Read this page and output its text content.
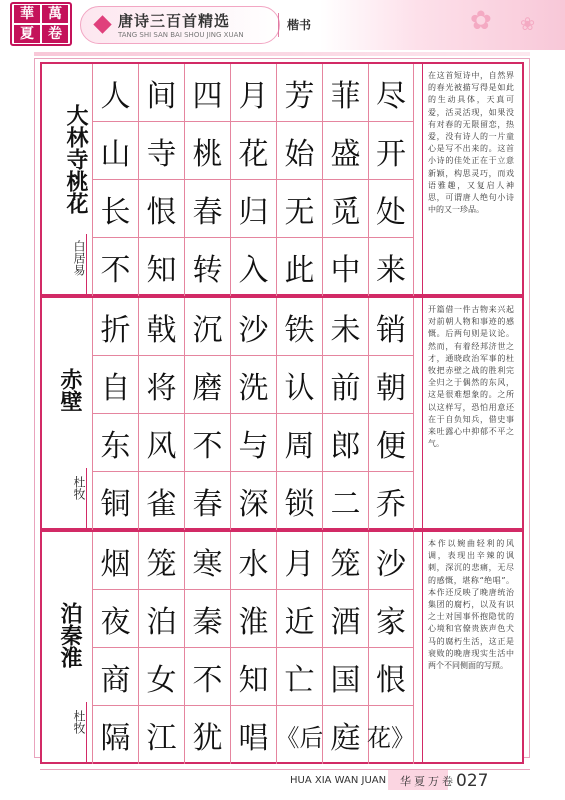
✿ ❀
華	萬
夏	卷
唐诗三百首精选
TANG SHI SAN BAI SHOU JING XUAN
楷书
大林寺桃花
白居易
人 间 四 月 芳 菲 尽
山 寺 桃 花 始 盛 开
长 恨 春 归 无 觅 处
不 知 转 入 此 中 来
在这首短诗中，自然界的春光被描写得是如此的生动具体，天真可爱，活灵活现，如果没有对春的无限留恋，热爱，没有诗人的一片童心是写不出来的。这首小诗的佳处正在于立意新颖，构思灵巧，而戏语雅趣，又复启人神思，可谓唐人绝句小诗中的又一珍品。
赤壁
杜牧
折 戟 沉 沙 铁 未 销
自 将 磨 洗 认 前 朝
东 风 不 与 周 郎 便
铜 雀 春 深 锁 二 乔
开篇借一件古物来兴起对前朝人物和事迹的感慨。后两句则是议论。然而，有着经邦济世之才，通晓政治军事的杜牧把赤壁之战的胜利完全归之于偶然的东风，这是很难想象的。之所以这样写，恐怕用意还在于自负知兵，借史事来吐露心中抑郁不平之气。
泊秦淮
杜牧
烟 笼 寒 水 月 笼 沙
夜 泊 秦 淮 近 酒 家
商 女 不 知 亡 国 恨
隔 江 犹 唱 《后 庭 花》
本作以婉曲轻利的风调，表现出辛辣的讽刺，深沉的悲痛，无尽的感慨，堪称“绝唱”。本作还反映了晚唐统治集团的腐朽，以及有识之士对国事怀抱隐忧的心境和官僚贵族声色犬马的腐朽生活，这正是衰败的晚唐现实生活中两个不同侧面的写照。
HUA XIA WAN JUAN 华夏万卷 027
